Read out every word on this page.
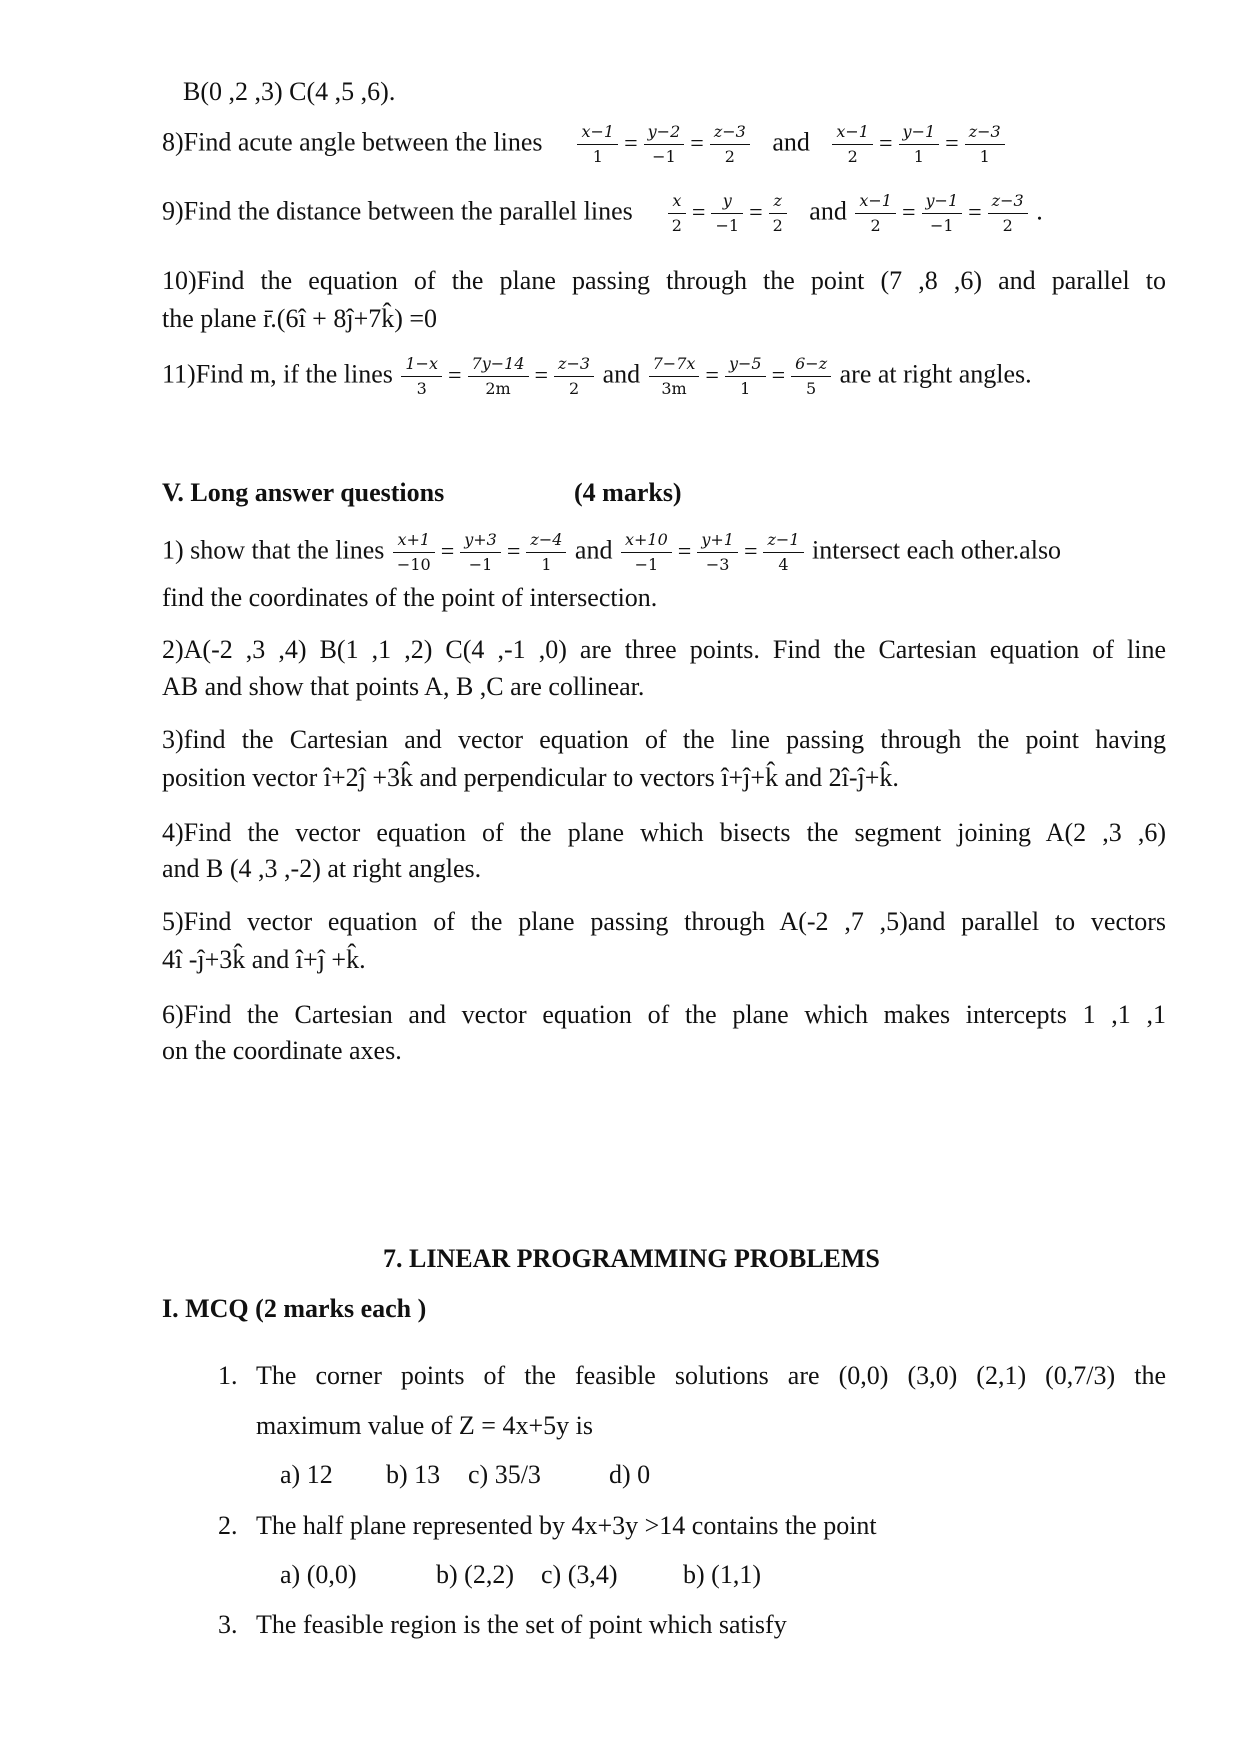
B(0 ,2 ,3) C(4 ,5 ,6).
8)Find acute angle between the lines $\frac{x-1}{1} = \frac{y-2}{-1} = \frac{z-3}{2}$ and $\frac{x-1}{2} = \frac{y-1}{1} = \frac{z-3}{1}$
9)Find the distance between the parallel lines $\frac{x}{2} = \frac{y}{-1} = \frac{z}{2}$ and $\frac{x-1}{2} = \frac{y-1}{-1} = \frac{z-3}{2}$ .
10)Find the equation of the plane passing through the point (7 ,8 ,6) and parallel to
the plane r̄.(6î + 8ĵ+7k̂) =0
11)Find m, if the lines $\frac{1-x}{3} = \frac{7y-14}{2m} = \frac{z-3}{2}$ and $\frac{7-7x}{3m} = \frac{y-5}{1} = \frac{6-z}{5}$ are at right angles.
V. Long answer questions	(4 marks)
1) show that the lines $\frac{x+1}{-10} = \frac{y+3}{-1} = \frac{z-4}{1}$ and $\frac{x+10}{-1} = \frac{y+1}{-3} = \frac{z-1}{4}$ intersect each other.also
find the coordinates of the point of intersection.
2)A(-2 ,3 ,4) B(1 ,1 ,2) C(4 ,-1 ,0) are three points. Find the Cartesian equation of line
AB and show that points A, B ,C are collinear.
3)find the Cartesian and vector equation of the line passing through the point having
position vector î+2ĵ +3k̂ and perpendicular to vectors î+ĵ+k̂ and 2î-ĵ+k̂.
4)Find the vector equation of the plane which bisects the segment joining A(2 ,3 ,6)
and B (4 ,3 ,-2) at right angles.
5)Find vector equation of the plane passing through A(-2 ,7 ,5)and parallel to vectors
4î -ĵ+3k̂ and î+ĵ +k̂.
6)Find the Cartesian and vector equation of the plane which makes intercepts 1 ,1 ,1
on the coordinate axes.
7. LINEAR PROGRAMMING PROBLEMS
I. MCQ (2 marks each )
1. The corner points of the feasible solutions are (0,0) (3,0) (2,1) (0,7/3) the
maximum value of Z = 4x+5y is
a) 12 b) 13 c) 35/3	d) 0
2. The half plane represented by 4x+3y >14 contains the point
a) (0,0)	b) (2,2) c) (3,4)	b) (1,1)
3. The feasible region is the set of point which satisfy
